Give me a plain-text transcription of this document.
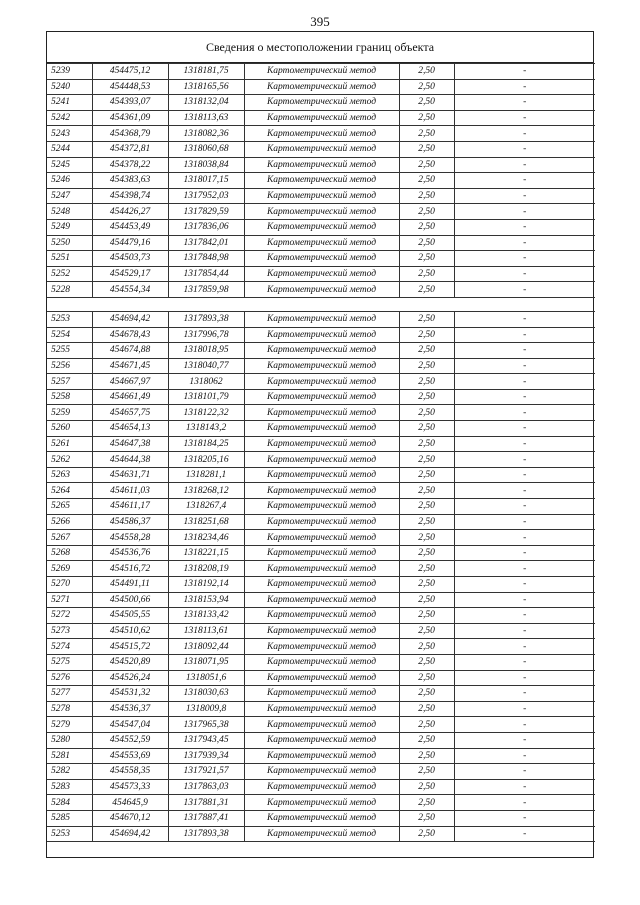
395
Сведения о местоположении границ объекта
5239	454475,12	1318181,75	Картометрический метод	2,50	-
5240	454448,53	1318165,56	Картометрический метод	2,50	-
5241	454393,07	1318132,04	Картометрический метод	2,50	-
5242	454361,09	1318113,63	Картометрический метод	2,50	-
5243	454368,79	1318082,36	Картометрический метод	2,50	-
5244	454372,81	1318060,68	Картометрический метод	2,50	-
5245	454378,22	1318038,84	Картометрический метод	2,50	-
5246	454383,63	1318017,15	Картометрический метод	2,50	-
5247	454398,74	1317952,03	Картометрический метод	2,50	-
5248	454426,27	1317829,59	Картометрический метод	2,50	-
5249	454453,49	1317836,06	Картометрический метод	2,50	-
5250	454479,16	1317842,01	Картометрический метод	2,50	-
5251	454503,73	1317848,98	Картометрический метод	2,50	-
5252	454529,17	1317854,44	Картометрический метод	2,50	-
5228	454554,34	1317859,98	Картометрический метод	2,50	-

5253	454694,42	1317893,38	Картометрический метод	2,50	-
5254	454678,43	1317996,78	Картометрический метод	2,50	-
5255	454674,88	1318018,95	Картометрический метод	2,50	-
5256	454671,45	1318040,77	Картометрический метод	2,50	-
5257	454667,97	1318062	Картометрический метод	2,50	-
5258	454661,49	1318101,79	Картометрический метод	2,50	-
5259	454657,75	1318122,32	Картометрический метод	2,50	-
5260	454654,13	1318143,2	Картометрический метод	2,50	-
5261	454647,38	1318184,25	Картометрический метод	2,50	-
5262	454644,38	1318205,16	Картометрический метод	2,50	-
5263	454631,71	1318281,1	Картометрический метод	2,50	-
5264	454611,03	1318268,12	Картометрический метод	2,50	-
5265	454611,17	1318267,4	Картометрический метод	2,50	-
5266	454586,37	1318251,68	Картометрический метод	2,50	-
5267	454558,28	1318234,46	Картометрический метод	2,50	-
5268	454536,76	1318221,15	Картометрический метод	2,50	-
5269	454516,72	1318208,19	Картометрический метод	2,50	-
5270	454491,11	1318192,14	Картометрический метод	2,50	-
5271	454500,66	1318153,94	Картометрический метод	2,50	-
5272	454505,55	1318133,42	Картометрический метод	2,50	-
5273	454510,62	1318113,61	Картометрический метод	2,50	-
5274	454515,72	1318092,44	Картометрический метод	2,50	-
5275	454520,89	1318071,95	Картометрический метод	2,50	-
5276	454526,24	1318051,6	Картометрический метод	2,50	-
5277	454531,32	1318030,63	Картометрический метод	2,50	-
5278	454536,37	1318009,8	Картометрический метод	2,50	-
5279	454547,04	1317965,38	Картометрический метод	2,50	-
5280	454552,59	1317943,45	Картометрический метод	2,50	-
5281	454553,69	1317939,34	Картометрический метод	2,50	-
5282	454558,35	1317921,57	Картометрический метод	2,50	-
5283	454573,33	1317863,03	Картометрический метод	2,50	-
5284	454645,9	1317881,31	Картометрический метод	2,50	-
5285	454670,12	1317887,41	Картометрический метод	2,50	-
5253	454694,42	1317893,38	Картометрический метод	2,50	-
